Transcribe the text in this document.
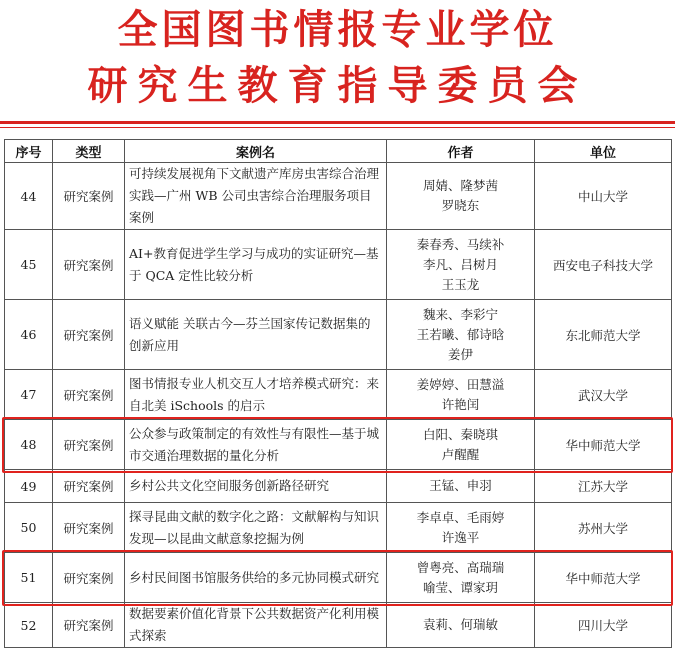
全国图书情报专业学位
研究生教育指导委员会
序号	类型	案例名	作者	单位
44	研究案例	可持续发展视角下文献遗产库房虫害综合治理实践—广州 WB 公司虫害综合治理服务项目案例	周婧、隆梦茜
罗晓东	中山大学
45	研究案例	AI+教育促进学生学习与成功的实证研究—基于 QCA 定性比较分析	秦春秀、马续补
李凡、吕树月
王玉龙	西安电子科技大学
46	研究案例	语义赋能 关联古今—芬兰国家传记数据集的创新应用	魏来、李彩宁
王若曦、郁诗晗
姜伊	东北师范大学
47	研究案例	图书情报专业人机交互人才培养模式研究：来自北美 iSchools 的启示	姜婷婷、田慧溢
许艳闰	武汉大学
48	研究案例	公众参与政策制定的有效性与有限性—基于城市交通治理数据的量化分析	白阳、秦晓琪
卢醒醒	华中师范大学
49	研究案例	乡村公共文化空间服务创新路径研究	王锰、申羽	江苏大学
50	研究案例	探寻昆曲文献的数字化之路：文献解构与知识发现—以昆曲文献意象挖掘为例	李卓卓、毛雨婷
许逸平	苏州大学
51	研究案例	乡村民间图书馆服务供给的多元协同模式研究	曾粤亮、高瑞瑞
喻莹、谭家玥	华中师范大学
52	研究案例	数据要素价值化背景下公共数据资产化利用模式探索	袁莉、何瑞敏	四川大学
